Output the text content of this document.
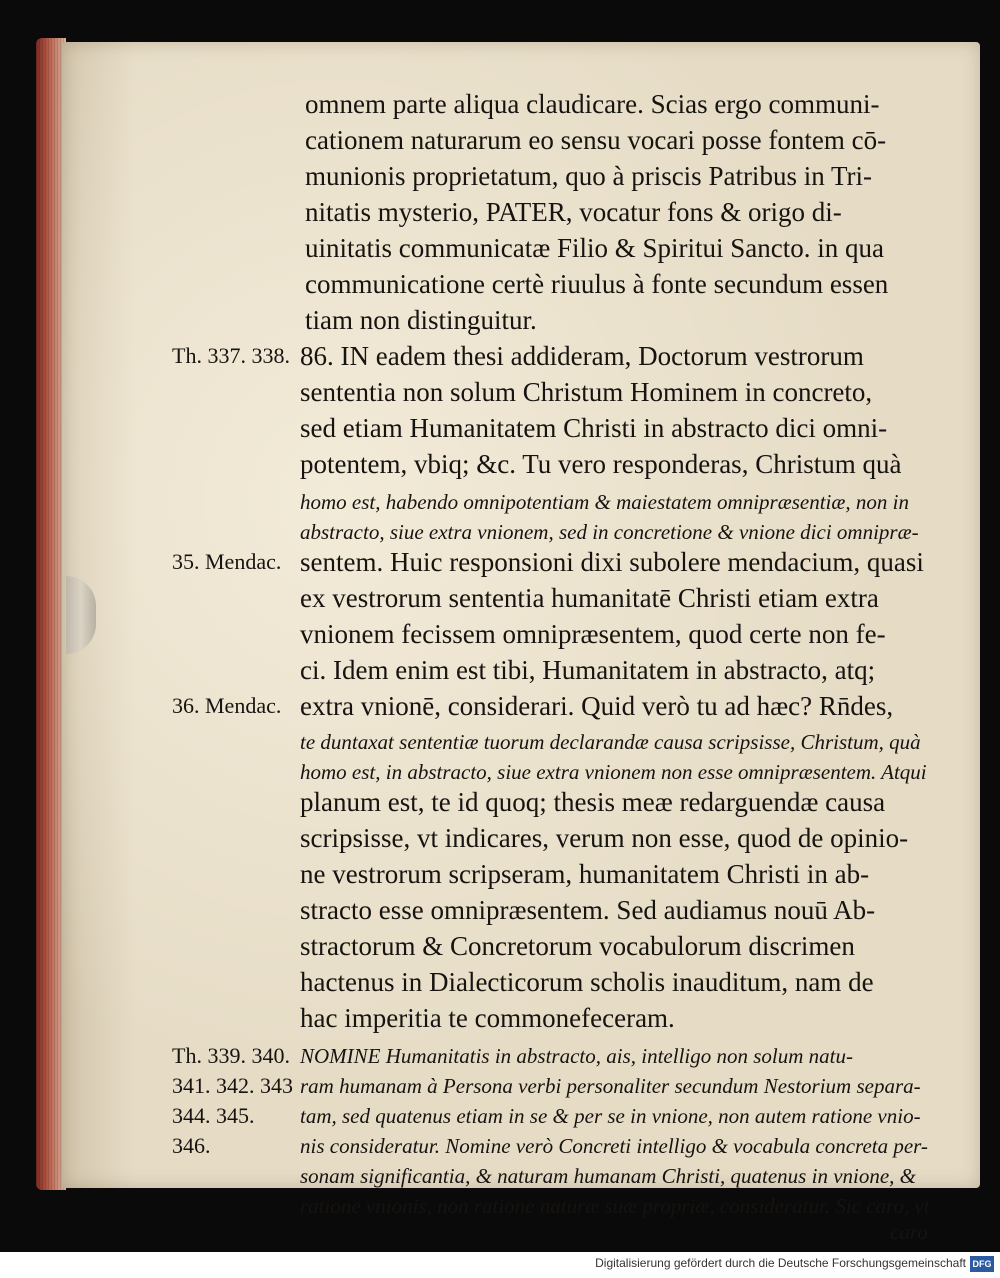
omnem parte aliqua claudicare. Scias ergo communi-
cationem naturarum eo sensu vocari posse fontem cō-
munionis proprietatum, quo à priscis Patribus in Tri-
nitatis mysterio, PATER, vocatur fons & origo di-
uinitatis communicatæ Filio & Spiritui Sancto. in qua
communicatione certè riuulus à fonte secundum essen
tiam non distinguitur.
86. IN eadem thesi addideram, Doctorum vestrorum
sententia non solum Christum Hominem in concreto,
sed etiam Humanitatem Christi in abstracto dici omni-
potentem, vbiq; &c. Tu vero responderas, Christum quà
homo est, habendo omnipotentiam & maiestatem omnipræsentiæ, non in
abstracto, siue extra vnionem, sed in concretione & vnione dici omnipræ-
sentem. Huic responsioni dixi subolere mendacium, quasi
ex vestrorum sententia humanitatē Christi etiam extra
vnionem fecissem omnipræsentem, quod certe non fe-
ci. Idem enim est tibi, Humanitatem in abstracto, atq;
extra vnionē, considerari. Quid verò tu ad hæc? Rn̄des,
te duntaxat sententiæ tuorum declarandæ causa scripsisse, Christum, quà
homo est, in abstracto, siue extra vnionem non esse omnipræsentem. Atqui
planum est, te id quoq; thesis meæ redarguendæ causa
scripsisse, vt indicares, verum non esse, quod de opinio-
ne vestrorum scripseram, humanitatem Christi in ab-
stracto esse omnipræsentem. Sed audiamus nouū Ab-
stractorum & Concretorum vocabulorum discrimen
hactenus in Dialecticorum scholis inauditum, nam de
hac imperitia te commonefeceram.
NOMINE Humanitatis in abstracto, ais, intelligo non solum natu-
ram humanam à Persona verbi personaliter secundum Nestorium separa-
tam, sed quatenus etiam in se & per se in vnione, non autem ratione vnio-
nis consideratur. Nomine verò Concreti intelligo & vocabula concreta per-
sonam significantia, & naturam humanam Christi, quatenus in vnione, &
ratione vnionis, non ratione naturæ suæ propriæ, consideratur. Sic caro, vt
caro
Th. 337. 338.
35. Mendac.
36. Mendac.
Th. 339. 340.
341. 342. 343
344. 345.
346.
Digitalisierung gefördert durch die Deutsche Forschungsgemeinschaft DFG
